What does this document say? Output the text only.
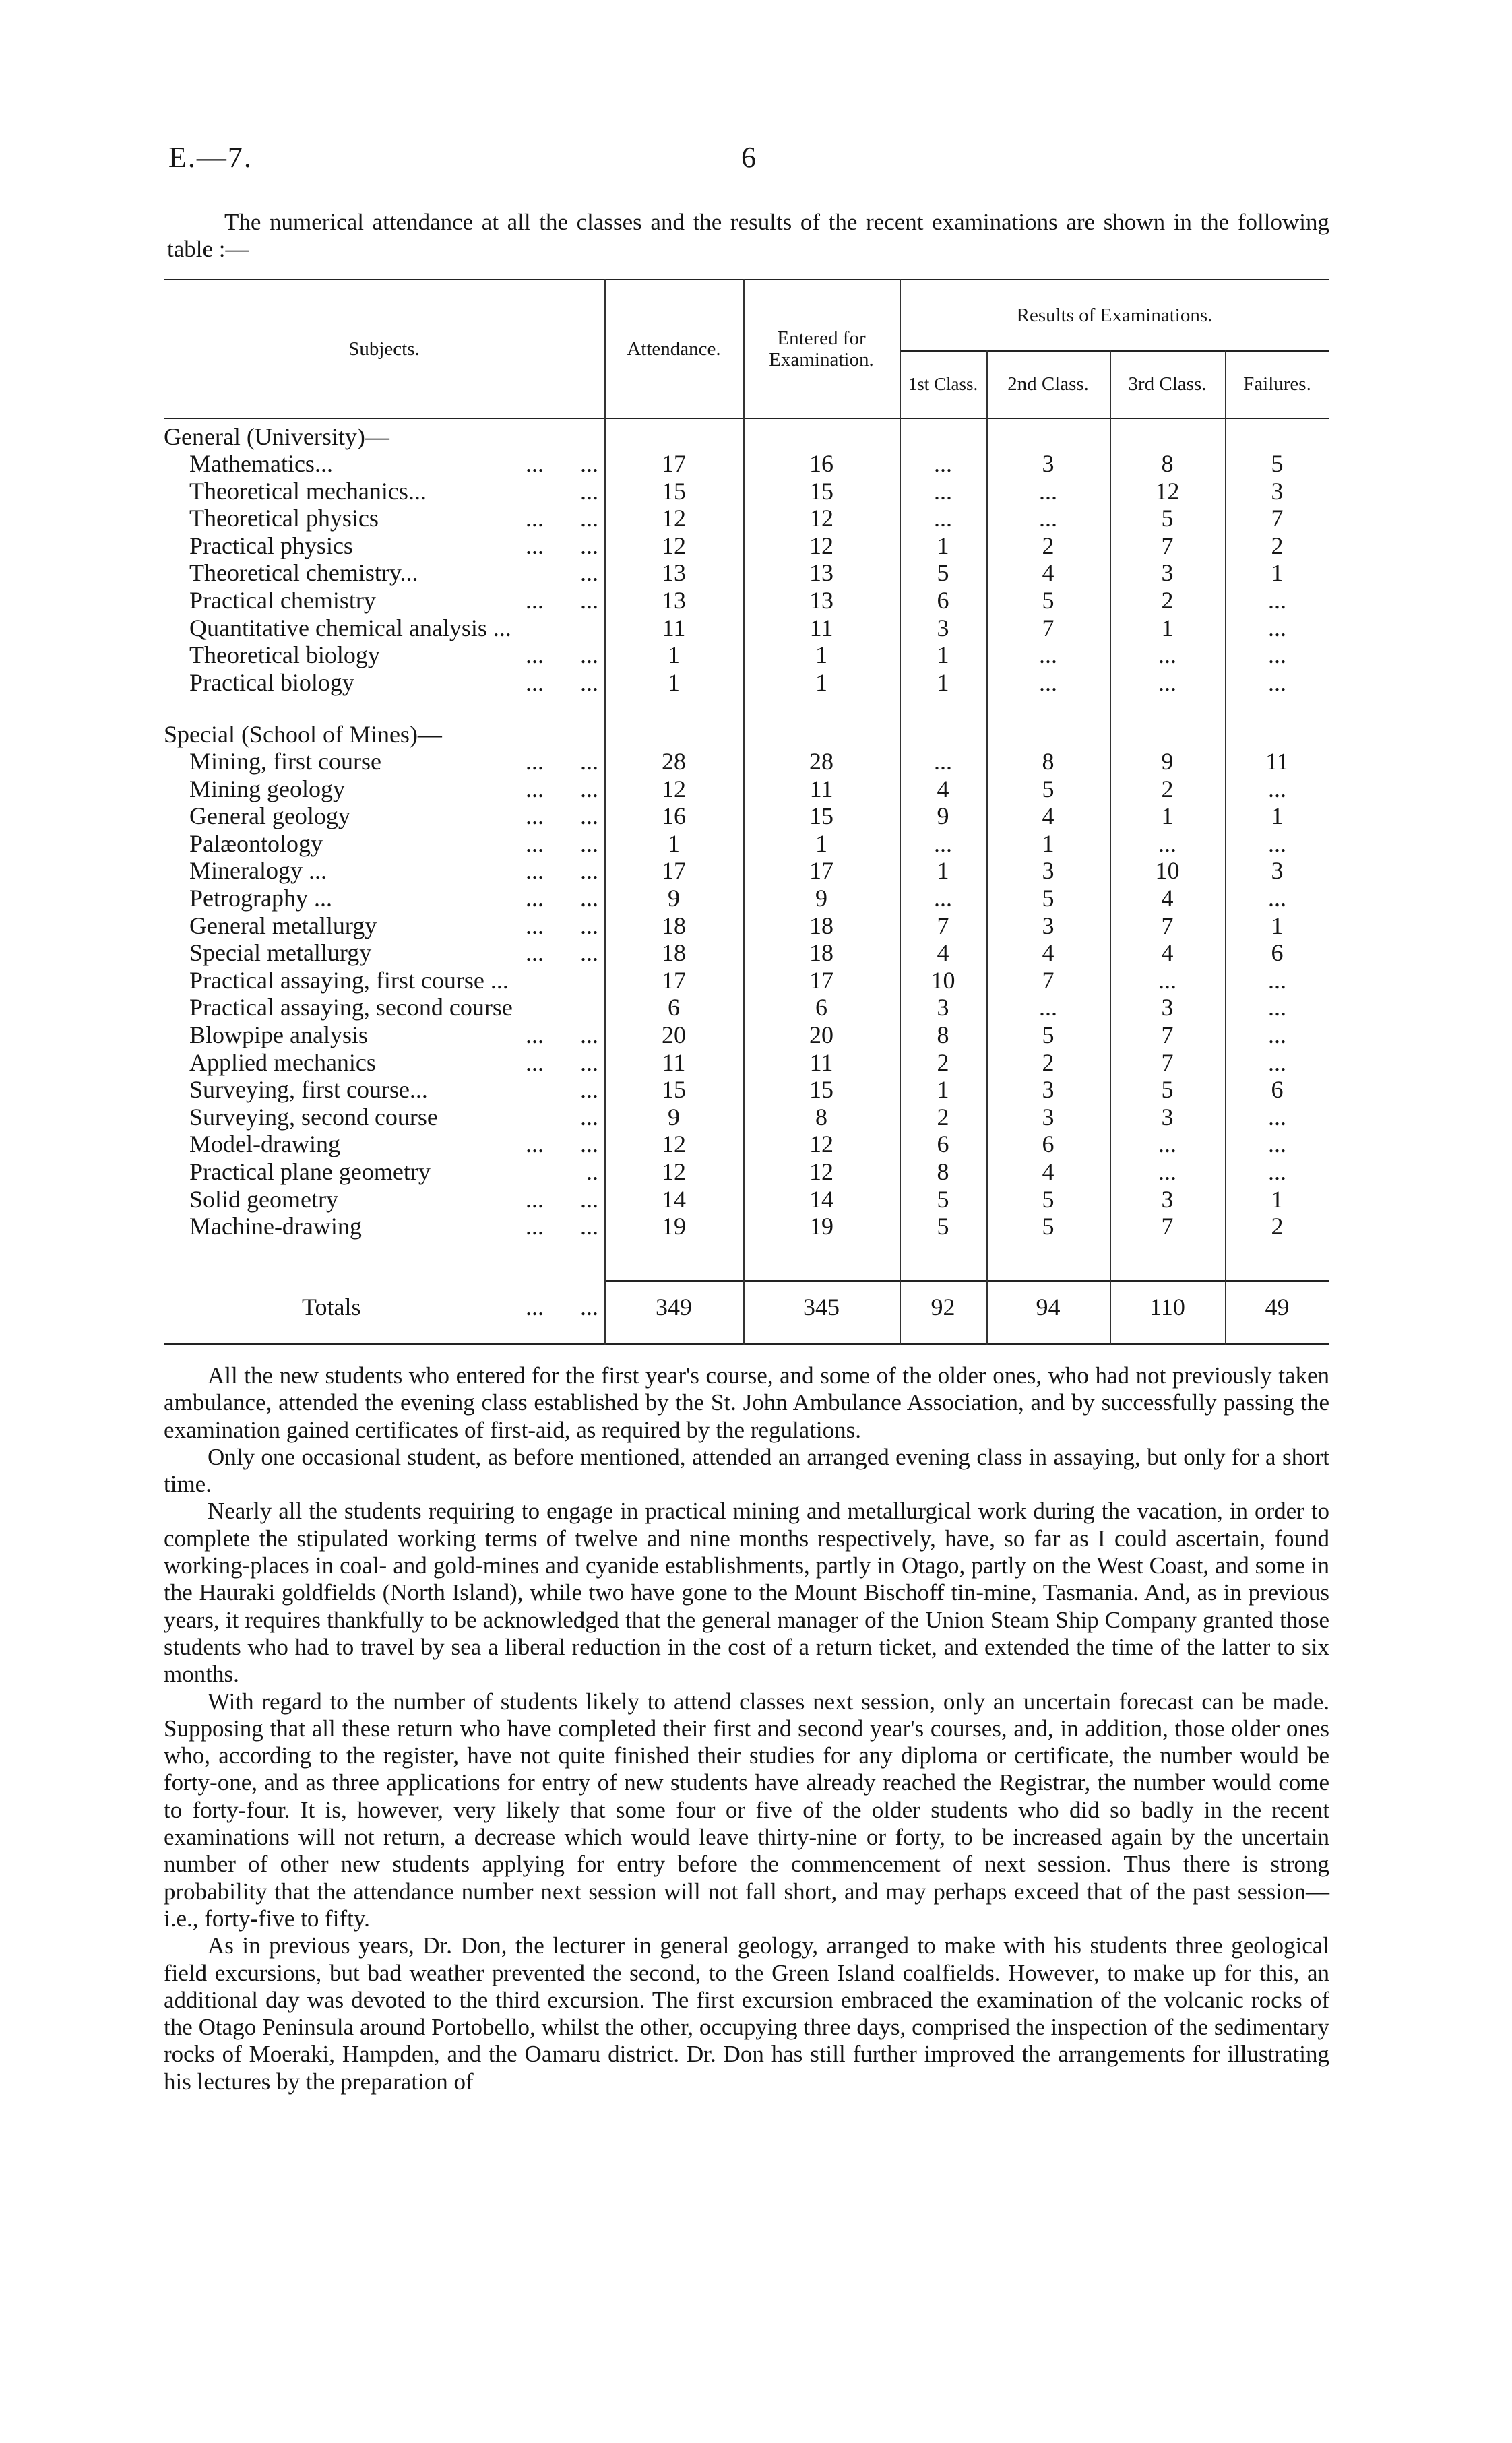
E.—7.	6
The numerical attendance at all the classes and the results of the recent examinations are shown in the following table :—
Subjects.	Attendance.	Entered for Examination.
Results of Examinations.
1st Class.	2nd Class.	3rd Class.	Failures.
General (University)—
Mathematics...	...      ...	17	16	...	3	8	5
Theoretical mechanics...	...	15	15	...	...	12	3
Theoretical physics	...      ...	12	12	...	...	5	7
Practical physics	...      ...	12	12	1	2	7	2
Theoretical chemistry...	...	13	13	5	4	3	1
Practical chemistry	...      ...	13	13	6	5	2	...
Quantitative chemical analysis ...	11	11	3	7	1	...
Theoretical biology	...      ...	1	1	1	...	...	...
Practical biology	...      ...	1	1	1	...	...	...
Special (School of Mines)—
Mining, first course	...      ...	28	28	...	8	9	11
Mining geology	...      ...	12	11	4	5	2	...
General geology	...      ...	16	15	9	4	1	1
Palæontology	...      ...	1	1	...	1	...	...
Mineralogy ...	...      ...	17	17	1	3	10	3
Petrography ...	...      ...	9	9	...	5	4	...
General metallurgy	...      ...	18	18	7	3	7	1
Special metallurgy	...      ...	18	18	4	4	4	6
Practical assaying, first course ...	17	17	10	7	...	...
Practical assaying, second course	6	6	3	...	3	...
Blowpipe analysis	...      ...	20	20	8	5	7	...
Applied mechanics	...      ...	11	11	2	2	7	...
Surveying, first course...	...	15	15	1	3	5	6
Surveying, second course	...	9	8	2	3	3	...
Model-drawing	...      ...	12	12	6	6	...	...
Practical plane geometry	..	12	12	8	4	...	...
Solid geometry	...      ...	14	14	5	5	3	1
Machine-drawing	...      ...	19	19	5	5	7	2
Totals	...      ...	349	345	92	94	110	49

All the new students who entered for the first year's course, and some of the older ones, who had not previously taken ambulance, attended the evening class established by the St. John Ambulance Association, and by successfully passing the examination gained certificates of first-aid, as required by the regulations.

Only one occasional student, as before mentioned, attended an arranged evening class in assaying, but only for a short time.

Nearly all the students requiring to engage in practical mining and metallurgical work during the vacation, in order to complete the stipulated working terms of twelve and nine months respectively, have, so far as I could ascertain, found working-places in coal- and gold-mines and cyanide establishments, partly in Otago, partly on the West Coast, and some in the Hauraki goldfields (North Island), while two have gone to the Mount Bischoff tin-mine, Tasmania. And, as in previous years, it requires thankfully to be acknowledged that the general manager of the Union Steam Ship Company granted those students who had to travel by sea a liberal reduction in the cost of a return ticket, and extended the time of the latter to six months.

With regard to the number of students likely to attend classes next session, only an uncertain forecast can be made. Supposing that all these return who have completed their first and second year's courses, and, in addition, those older ones who, according to the register, have not quite finished their studies for any diploma or certificate, the number would be forty-one, and as three applications for entry of new students have already reached the Registrar, the number would come to forty-four. It is, however, very likely that some four or five of the older students who did so badly in the recent examinations will not return, a decrease which would leave thirty-nine or forty, to be increased again by the uncertain number of other new students applying for entry before the commencement of next session. Thus there is strong probability that the attendance number next session will not fall short, and may perhaps exceed that of the past session—i.e., forty-five to fifty.

As in previous years, Dr. Don, the lecturer in general geology, arranged to make with his students three geological field excursions, but bad weather prevented the second, to the Green Island coalfields. However, to make up for this, an additional day was devoted to the third excursion. The first excursion embraced the examination of the volcanic rocks of the Otago Peninsula around Portobello, whilst the other, occupying three days, comprised the inspection of the sedimentary rocks of Moeraki, Hampden, and the Oamaru district. Dr. Don has still further improved the arrangements for illustrating his lectures by the preparation of
